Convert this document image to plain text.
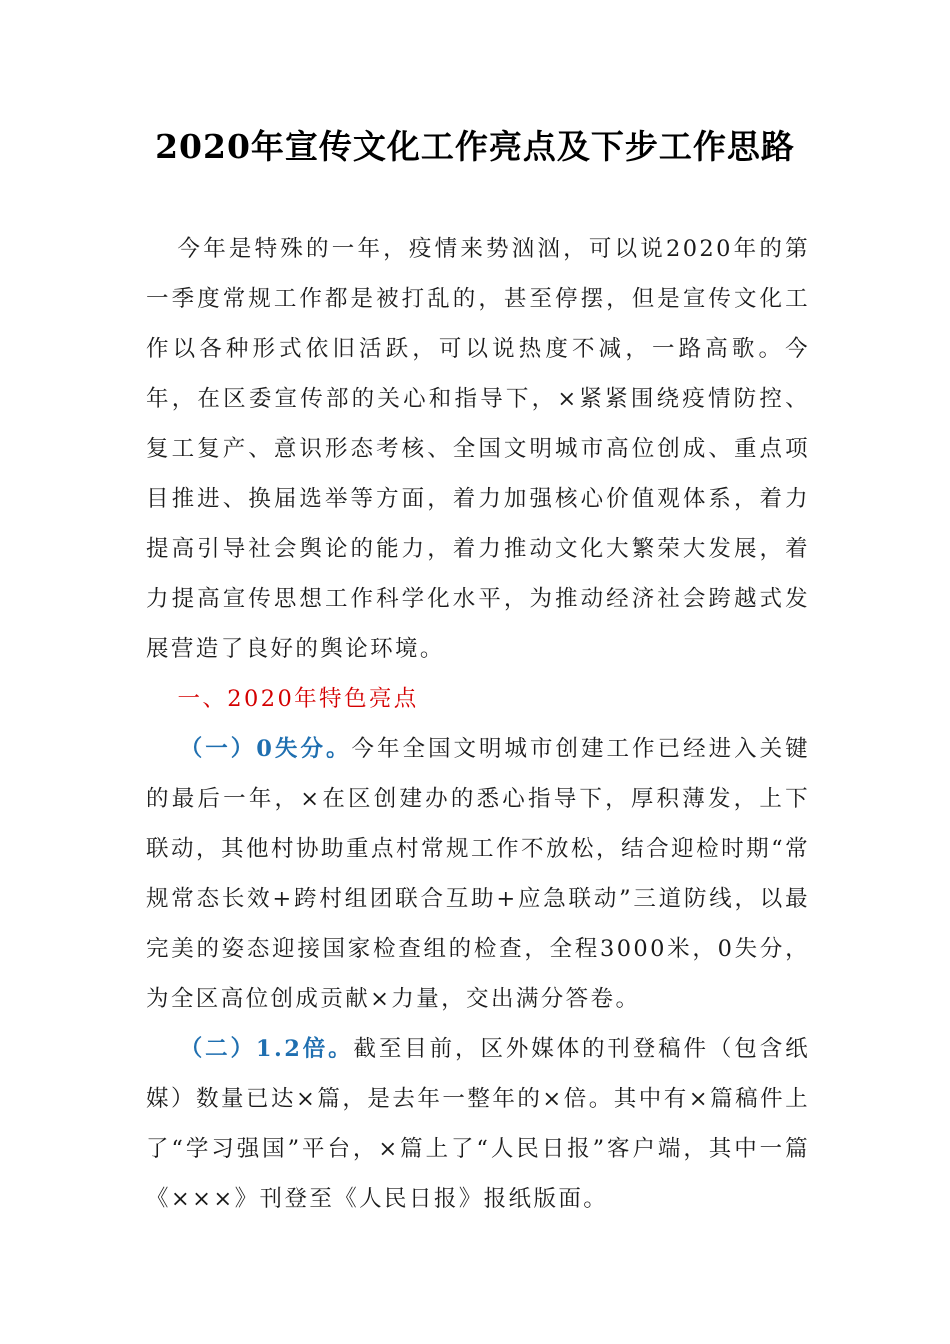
2020年宣传文化工作亮点及下步工作思路

今年是特殊的一年，疫情来势汹汹，可以说2020年的第一季度常规工作都是被打乱的，甚至停摆，但是宣传文化工作以各种形式依旧活跃，可以说热度不减，一路高歌。今年，在区委宣传部的关心和指导下，×紧紧围绕疫情防控、复工复产、意识形态考核、全国文明城市高位创成、重点项目推进、换届选举等方面，着力加强核心价值观体系，着力提高引导社会舆论的能力，着力推动文化大繁荣大发展，着力提高宣传思想工作科学化水平，为推动经济社会跨越式发展营造了良好的舆论环境。

一、2020年特色亮点

（一）0失分。今年全国文明城市创建工作已经进入关键的最后一年，×在区创建办的悉心指导下，厚积薄发，上下联动，其他村协助重点村常规工作不放松，结合迎检时期“常规常态长效+跨村组团联合互助+应急联动”三道防线，以最完美的姿态迎接国家检查组的检查，全程3000米，0失分，为全区高位创成贡献×力量，交出满分答卷。

（二）1.2倍。截至目前，区外媒体的刊登稿件（包含纸媒）数量已达×篇，是去年一整年的×倍。其中有×篇稿件上了“学习强国”平台，×篇上了“人民日报”客户端，其中一篇《×××》刊登至《人民日报》报纸版面。
